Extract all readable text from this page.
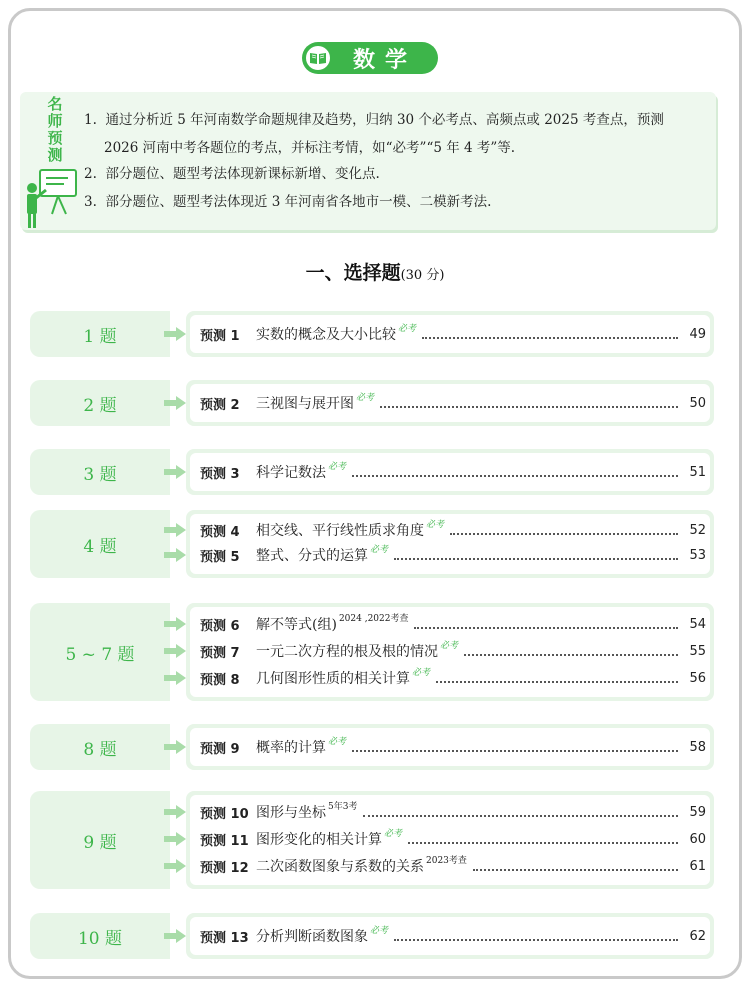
数学
名
师
预
测
1. 通过分析近 5 年河南数学命题规律及趋势，归纳 30 个必考点、高频点或 2025 考查点，预测
2026 河南中考各题位的考点，并标注考情，如“必考”“5 年 4 考”等.
2. 部分题位、题型考法体现新课标新增、变化点.
3. 部分题位、题型考法体现近 3 年河南省各地市一模、二模新考法.
一、选择题(30 分)
1 题	预测 1	实数的概念及大小比较 必考	49
2 题	预测 2	三视图与展开图 必考	50
3 题	预测 3	科学记数法 必考	51
4 题
预测 4	相交线、平行线性质求角度 必考	52
预测 5	整式、分式的运算 必考	53
5 ~ 7 题
预测 6	解不等式(组) 2024 ,2022考查	54
预测 7	一元二次方程的根及根的情况 必考	55
预测 8	几何图形性质的相关计算 必考	56
8 题	预测 9	概率的计算 必考	58
9 题
预测 10 图形与坐标 5年3考	59
预测 11 图形变化的相关计算 必考	60
预测 12 二次函数图象与系数的关系 2023考查	61
10 题	预测 13 分析判断函数图象 必考	62
